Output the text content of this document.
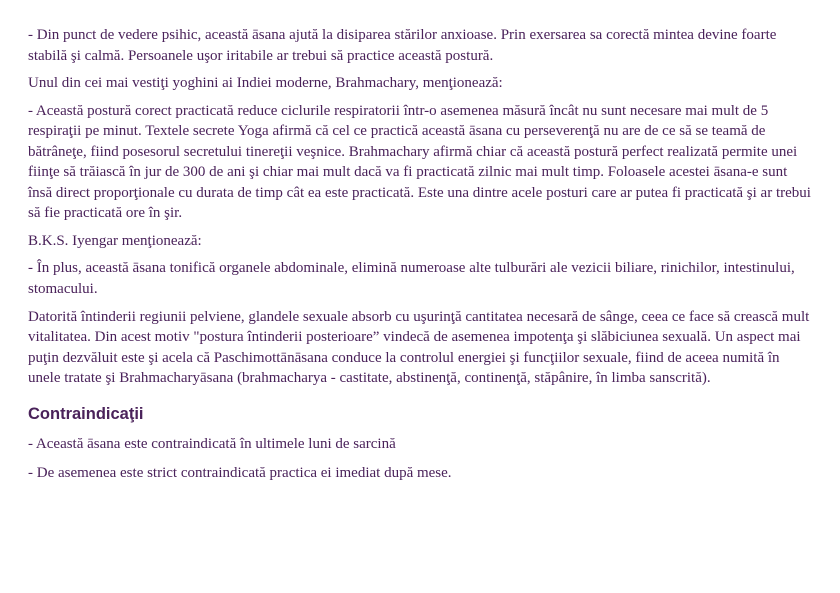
- Din punct de vedere psihic, această āsana ajută la disiparea stărilor anxioase. Prin exersarea sa corectă mintea devine foarte stabilă şi calmă. Persoanele uşor iritabile ar trebui să practice această postură.

Unul din cei mai vestiţi yoghini ai Indiei moderne, Brahmachary, menţionează:

- Această postură corect practicată reduce ciclurile respiratorii într-o asemenea măsură încât nu sunt necesare mai mult de 5 respiraţii pe minut. Textele secrete Yoga afirmă că cel ce practică această āsana cu perseverenţă nu are de ce să se teamă de bătrâneţe, fiind posesorul secretului tinereţii veşnice. Brahmachary afirmă chiar că această postură perfect realizată permite unei fiinţe să trăiască în jur de 300 de ani şi chiar mai mult dacă va fi practicată zilnic mai mult timp. Foloasele acestei āsana-e sunt însă direct proporţionale cu durata de timp cât ea este practicată. Este una dintre acele posturi care ar putea fi practicată şi ar trebui să fie practicată ore în şir.

B.K.S. Iyengar menţionează:

- În plus, această āsana tonifică organele abdominale, elimină numeroase alte tulburări ale vezicii biliare, rinichilor, intestinului, stomacului.

Datorită întinderii regiunii pelviene, glandele sexuale absorb cu uşurinţă cantitatea necesară de sânge, ceea ce face să crească mult vitalitatea. Din acest motiv "postura întinderii posterioare” vindecă de asemenea impotenţa şi slăbiciunea sexuală. Un aspect mai puţin dezvăluit este şi acela că Paschimottānāsana conduce la controlul energiei şi funcţiilor sexuale, fiind de aceea numită în unele tratate şi Brahmacharyāsana (brahmacharya - castitate, abstinenţă, continenţă, stăpânire, în limba sanscrită).

Contraindicaţii

- Această āsana este contraindicată în ultimele luni de sarcină

- De asemenea este strict contraindicată practica ei imediat după mese.
